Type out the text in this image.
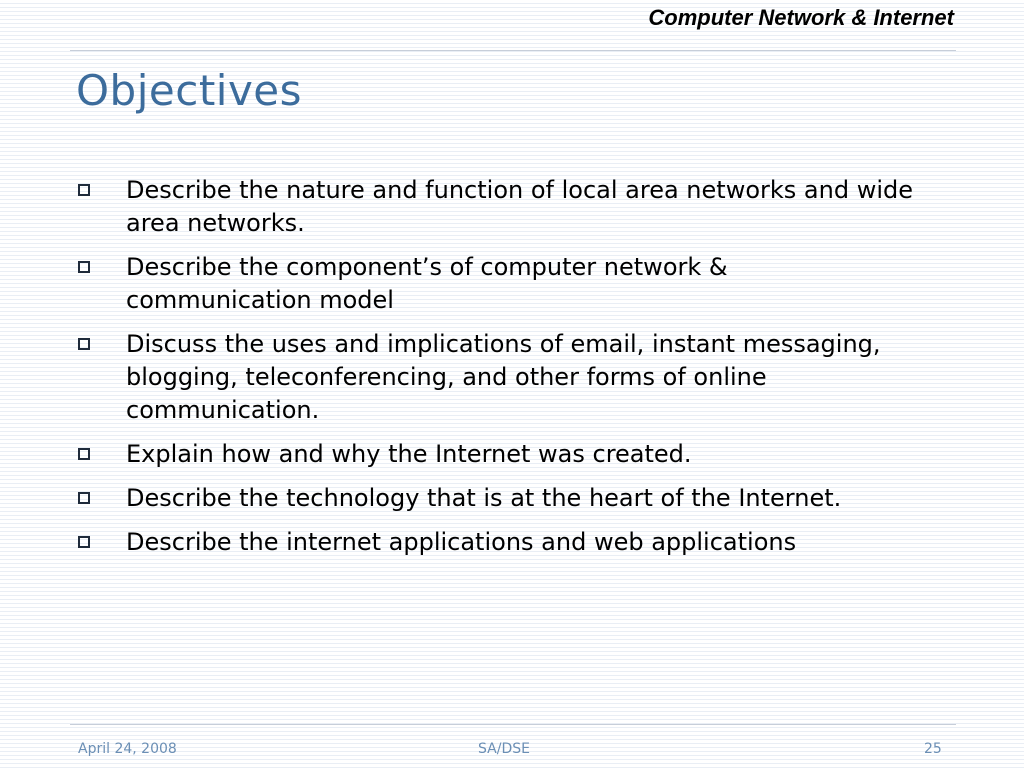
Computer Network & Internet
Objectives
Describe the nature and function of local area networks and wide area networks.
Describe the component’s of computer network & communication model
Discuss the uses and implications of email, instant messaging, blogging, teleconferencing, and other forms of online communication.
Explain how and why the Internet was created.
Describe the technology that is at the heart of the Internet.
Describe the internet applications and web applications
April 24, 2008	SA/DSE	25
